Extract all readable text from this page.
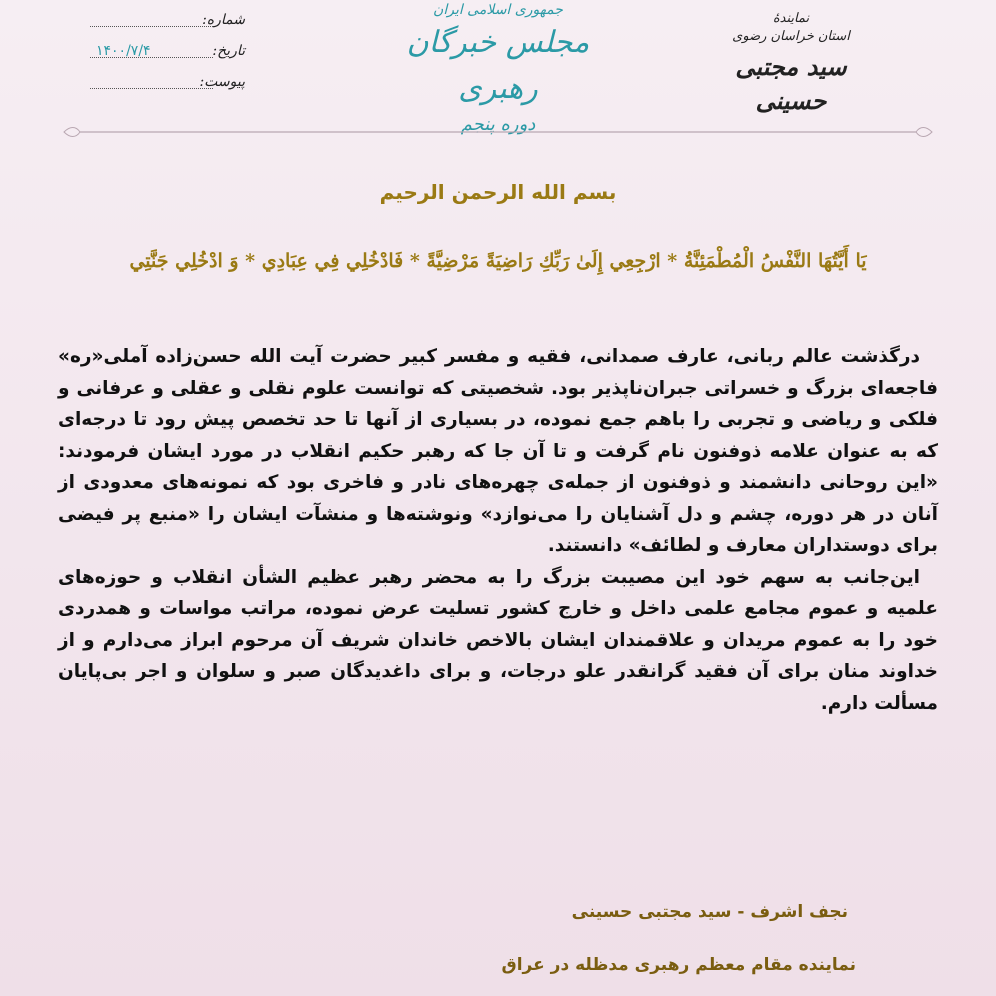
نمایندۀ
استان خراسان رضوی
سید مجتبی حسینی
جمهوری اسلامی ایران
مجلس خبرگان رهبری
دوره پنجم
شماره:
تاریخ:
۱۴۰۰/۷/۴
پیوست:
بسم الله الرحمن الرحیم
یَا أَیَّتُهَا النَّفْسُ الْمُطْمَئِنَّةُ * ارْجِعِي إِلَىٰ رَبِّكِ رَاضِيَةً مَرْضِيَّةً * فَادْخُلِي فِي عِبَادِي * وَ ادْخُلِي جَنَّتِي

درگذشت عالم ربانی، عارف صمدانی، فقیه و مفسر کبیر حضرت آیت الله حسن‌زاده آملی«ره» فاجعه‌ای بزرگ و خسراتی جبران‌ناپذیر بود. شخصیتی که توانست علوم نقلی و عقلی و عرفانی و فلکی و ریاضی و تجربی را باهم جمع نموده، در بسیاری از آنها تا حد تخصص پیش رود تا درجه‌ای که به عنوان علامه ذوفنون نام گرفت و تا آن جا که رهبر حکیم انقلاب در مورد ایشان فرمودند: «این روحانی دانشمند و ذوفنون از جمله‌ی چهره‌های نادر و فاخری بود که نمونه‌های معدودی از آنان در هر دوره، چشم و دل آشنایان را می‌نوازد» ونوشته‌ها و منشآت ایشان را «منبع پر فیضی برای دوستداران معارف و لطائف» دانستند.

این‌جانب به سهم خود این مصیبت بزرگ را به محضر رهبر عظیم الشأن انقلاب و حوزه‌های علمیه و عموم مجامع علمی داخل و خارج کشور تسلیت عرض نموده، مراتب مواسات و همدردی خود را به عموم مریدان و علاقمندان ایشان بالاخص خاندان شریف آن مرحوم ابراز می‌دارم و از خداوند منان برای آن فقید گرانقدر علو درجات، و برای داغدیدگان صبر و سلوان و اجر بی‌پایان مسألت دارم.

نجف اشرف - سید مجتبی حسینی
نماینده مقام معظم رهبری مدظله در عراق
